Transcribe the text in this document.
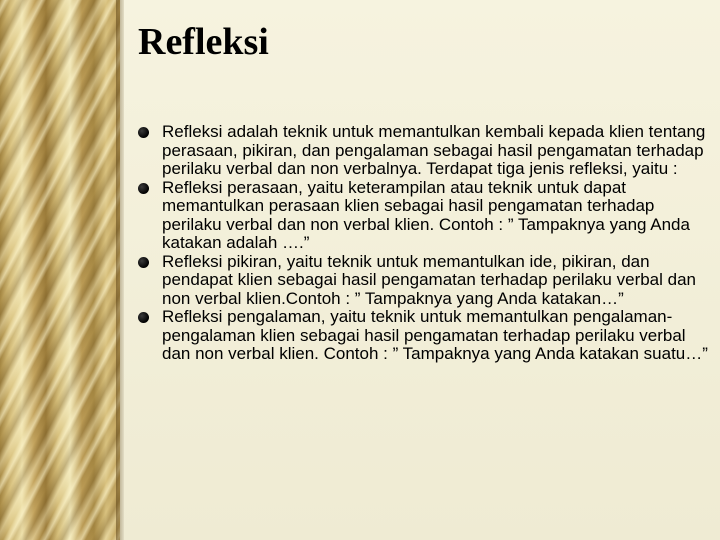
Refleksi
Refleksi adalah teknik untuk memantulkan kembali kepada klien tentang perasaan, pikiran, dan pengalaman sebagai hasil pengamatan terhadap perilaku verbal dan non verbalnya. Terdapat tiga jenis refleksi, yaitu :
Refleksi perasaan, yaitu keterampilan atau teknik untuk dapat memantulkan perasaan klien sebagai hasil pengamatan terhadap perilaku verbal dan non verbal klien. Contoh : ” Tampaknya yang Anda katakan adalah ….”
Refleksi pikiran, yaitu teknik untuk memantulkan ide, pikiran, dan pendapat klien sebagai hasil pengamatan terhadap perilaku verbal dan non verbal klien.Contoh : ” Tampaknya yang Anda katakan…”
Refleksi pengalaman, yaitu teknik untuk memantulkan pengalaman-pengalaman klien sebagai hasil pengamatan terhadap perilaku verbal dan non verbal klien. Contoh : ” Tampaknya yang Anda katakan suatu…”
